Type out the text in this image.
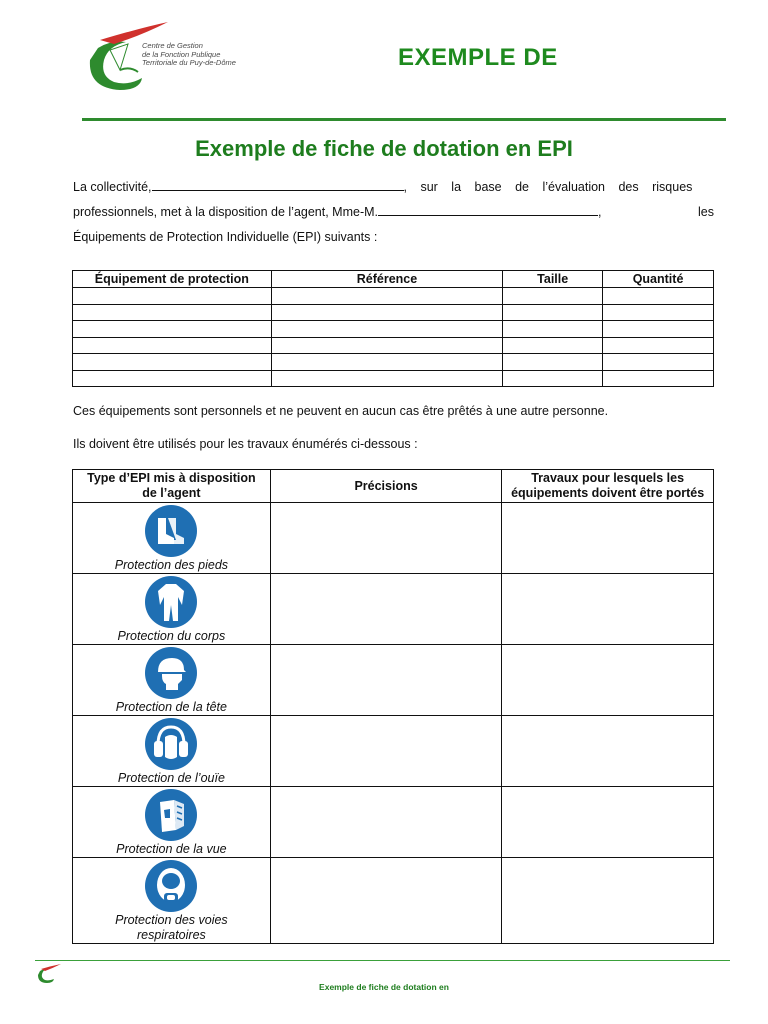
Centre de Gestion
de la Fonction Publique
Territoriale du Puy-de-Dôme	EXEMPLE DE
Exemple de fiche de dotation en EPI
La collectivité,	, sur la base de l’évaluation des risques
professionnels, met à la disposition de l’agent, Mme-M.	,	les
Équipements de Protection Individuelle (EPI) suivants :
Équipement de protection	Référence	Taille	Quantité

Ces équipements sont personnels et ne peuvent en aucun cas être prêtés à une autre personne.
Ils doivent être utilisés pour les travaux énumérés ci-dessous :
Type d’EPI mis à disposition de l’agent	Précisions	Travaux pour lesquels les équipements doivent être portés

Protection des pieds		

Protection du corps		

Protection de la tête		

Protection de l’ouïe		

Protection de la vue		

Protection des voies respiratoires		

Exemple de fiche de dotation en
